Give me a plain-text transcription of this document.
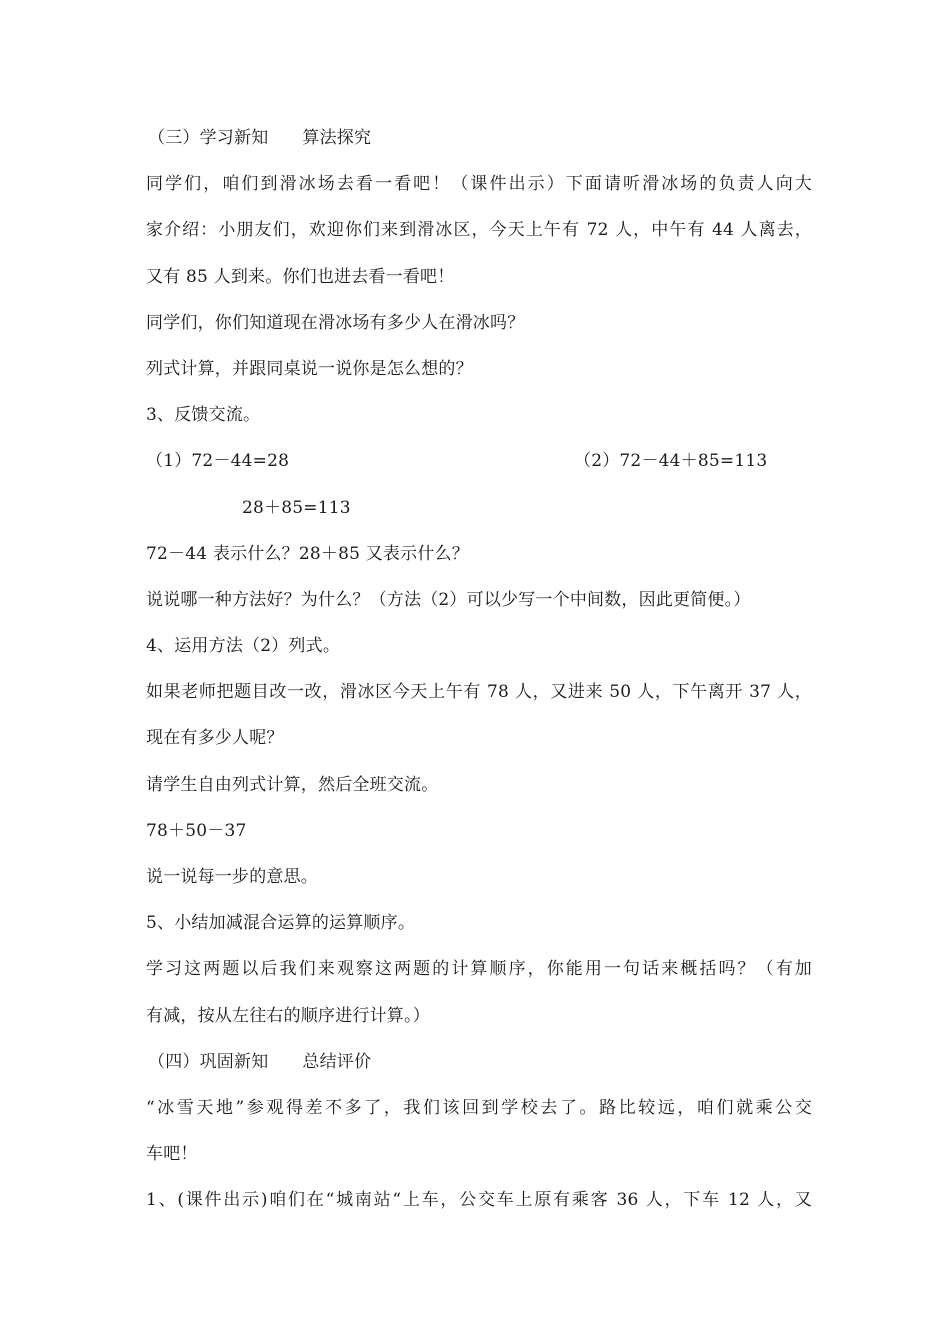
（三）学习新知 算法探究
同学们，咱们到滑冰场去看一看吧！（课件出示）下面请听滑冰场的负责人向大
家介绍：小朋友们，欢迎你们来到滑冰区，今天上午有 72 人，中午有 44 人离去，
又有 85 人到来。你们也进去看一看吧！
同学们，你们知道现在滑冰场有多少人在滑冰吗？
列式计算，并跟同桌说一说你是怎么想的？
3、反馈交流。
（1）72－44=28	（2）72－44＋85=113
28＋85=113
72－44 表示什么？28＋85 又表示什么？
说说哪一种方法好？为什么？（方法（2）可以少写一个中间数，因此更简便。）
4、运用方法（2）列式。
如果老师把题目改一改，滑冰区今天上午有 78 人，又进来 50 人，下午离开 37 人，
现在有多少人呢？
请学生自由列式计算，然后全班交流。
78＋50－37
说一说每一步的意思。
5、小结加减混合运算的运算顺序。
学习这两题以后我们来观察这两题的计算顺序，你能用一句话来概括吗？（有加
有减，按从左往右的顺序进行计算。）
（四）巩固新知 总结评价
“冰雪天地”参观得差不多了，我们该回到学校去了。路比较远，咱们就乘公交
车吧！
1、(课件出示)咱们在“城南站“上车，公交车上原有乘客 36 人，下车 12 人，又
